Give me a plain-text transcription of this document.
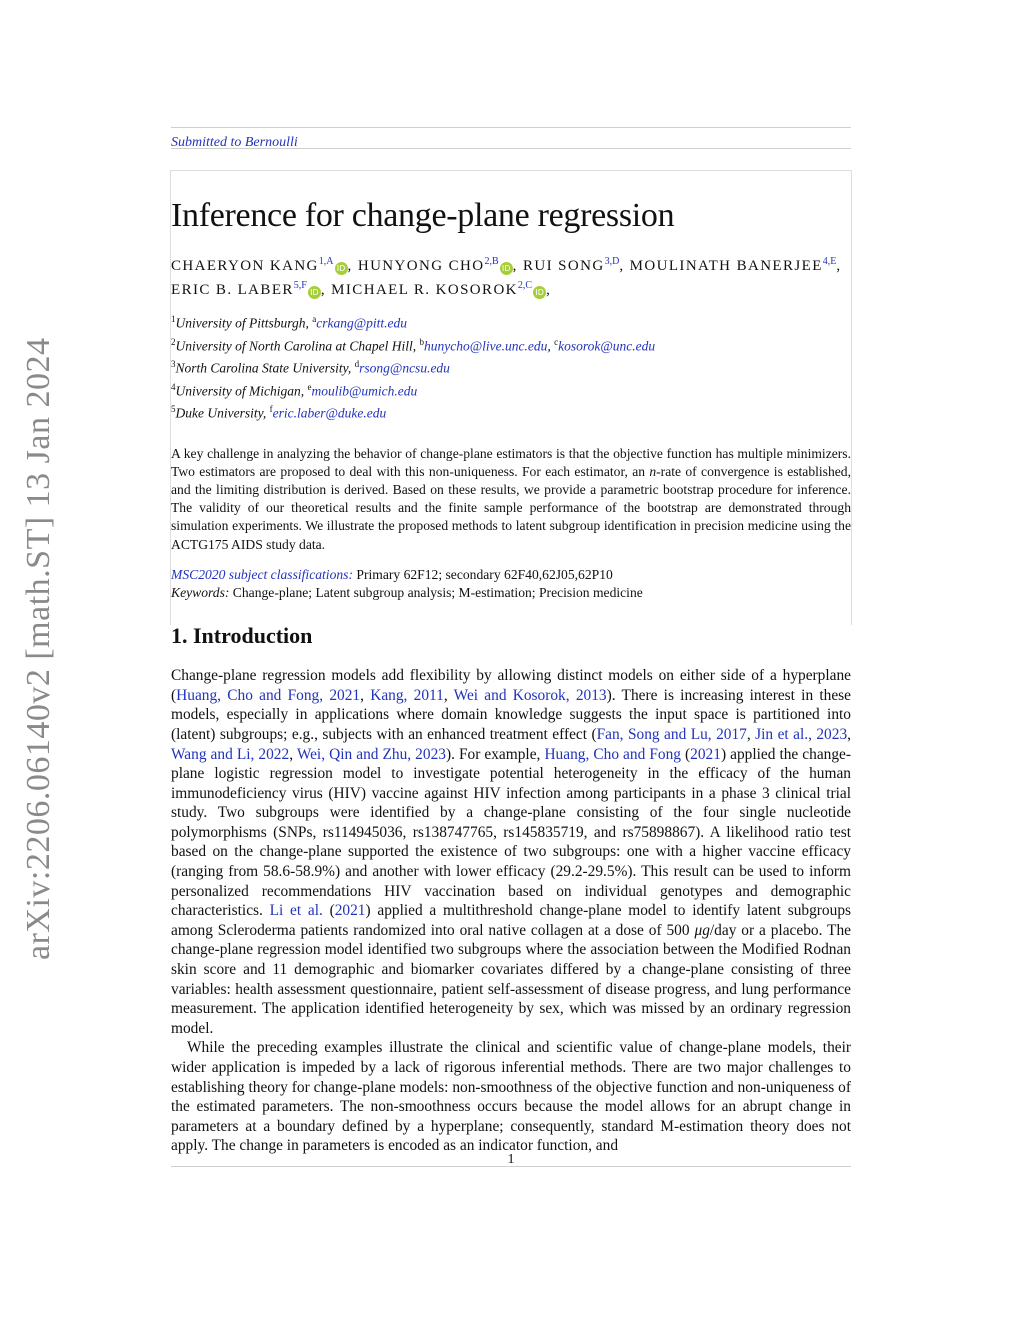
arXiv:2206.06140v2 [math.ST] 13 Jan 2024
Submitted to Bernoulli
Inference for change-plane regression
CHAERYON $KANG^{1,A}ID$ , HUNYONG $CHO^{2,B}ID$ , RUI $SONG^{3,D}$, MOULINATH $BANERJEE^{4,E}$, ERIC B. $LABER^{5,F}ID$ , MICHAEL R. $KOSOROK^{2,C}ID$ ,
$^1$University of Pittsburgh, $^a$crkang@pitt.edu
$^2$University of North Carolina at Chapel Hill, $^b$hunycho@live.unc.edu, $^c$kosorok@unc.edu
$^3$North Carolina State University, $^d$rsong@ncsu.edu
$^4$University of Michigan, $^e$moulib@umich.edu
$^5$Duke University, $^f$eric.laber@duke.edu
A key challenge in analyzing the behavior of change-plane estimators is that the objective function has multiple minimizers. Two estimators are proposed to deal with this non-uniqueness. For each estimator, an n-rate of convergence is established, and the limiting distribution is derived. Based on these results, we provide a parametric bootstrap procedure for inference. The validity of our theoretical results and the finite sample performance of the bootstrap are demonstrated through simulation experiments. We illustrate the proposed methods to latent subgroup identification in precision medicine using the ACTG175 AIDS study data.
MSC2020 subject classifications: Primary 62F12; secondary 62F40,62J05,62P10
Keywords: Change-plane; Latent subgroup analysis; M-estimation; Precision medicine
1. Introduction

Change-plane regression models add flexibility by allowing distinct models on either side of a hyperplane (Huang, Cho and Fong, 2021, Kang, 2011, Wei and Kosorok, 2013). There is increasing interest in these models, especially in applications where domain knowledge suggests the input space is partitioned into (latent) subgroups; e.g., subjects with an enhanced treatment effect (Fan, Song and Lu, 2017, Jin et al., 2023, Wang and Li, 2022, Wei, Qin and Zhu, 2023). For example, Huang, Cho and Fong (2021) applied the change-plane logistic regression model to investigate potential heterogeneity in the efficacy of the human immunodeficiency virus (HIV) vaccine against HIV infection among participants in a phase 3 clinical trial study. Two subgroups were identified by a change-plane consisting of the four single nucleotide polymorphisms (SNPs, rs114945036, rs138747765, rs145835719, and rs75898867). A likelihood ratio test based on the change-plane supported the existence of two subgroups: one with a higher vaccine efficacy (ranging from 58.6-58.9%) and another with lower efficacy (29.2-29.5%). This result can be used to inform personalized recommendations HIV vaccination based on individual genotypes and demographic characteristics. Li et al. (2021) applied a multithreshold change-plane model to identify latent subgroups among Scleroderma patients randomized into oral native collagen at a dose of 500 μg/day or a placebo. The change-plane regression model identified two subgroups where the association between the Modified Rodnan skin score and 11 demographic and biomarker covariates differed by a change-plane consisting of three variables: health assessment questionnaire, patient self-assessment of disease progress, and lung performance measurement. The application identified heterogeneity by sex, which was missed by an ordinary regression model.

While the preceding examples illustrate the clinical and scientific value of change-plane models, their wider application is impeded by a lack of rigorous inferential methods. There are two major challenges to establishing theory for change-plane models: non-smoothness of the objective function and non-uniqueness of the estimated parameters. The non-smoothness occurs because the model allows for an abrupt change in parameters at a boundary defined by a hyperplane; consequently, standard M-estimation theory does not apply. The change in parameters is encoded as an indicator function, and

1
